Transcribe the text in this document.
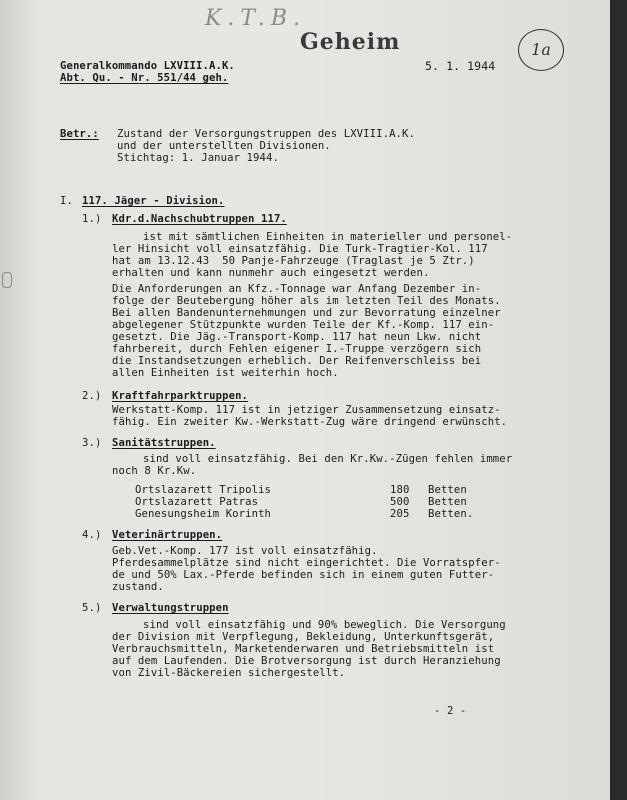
K.T.B.
Geheim	1a
Generalkommando LXVIII.A.K.	5. 1. 1944
Abt. Qu. - Nr. 551/44 geh.
Betr.: Zustand der Versorgungstruppen des LXVIII.A.K.
und der unterstellten Divisionen.
Stichtag: 1. Januar 1944.
I. 117. Jäger - Division.
1.) Kdr.d.Nachschubtruppen 117.
ist mit sämtlichen Einheiten in materieller und personel-
ler Hinsicht voll einsatzfähig. Die Turk-Tragtier-Kol. 117
hat am 13.12.43  50 Panje-Fahrzeuge (Traglast je 5 Ztr.)
erhalten und kann nunmehr auch eingesetzt werden.
Die Anforderungen an Kfz.-Tonnage war Anfang Dezember in-
folge der Beutebergung höher als im letzten Teil des Monats.
Bei allen Bandenunternehmungen und zur Bevorratung einzelner
abgelegener Stützpunkte wurden Teile der Kf.-Komp. 117 ein-
gesetzt. Die Jäg.-Transport-Komp. 117 hat neun Lkw. nicht
fahrbereit, durch Fehlen eigener I.-Truppe verzögern sich
die Instandsetzungen erheblich. Der Reifenverschleiss bei
allen Einheiten ist weiterhin hoch.
2.) Kraftfahrparktruppen.
Werkstatt-Komp. 117 ist in jetziger Zusammensetzung einsatz-
fähig. Ein zweiter Kw.-Werkstatt-Zug wäre dringend erwünscht.
3.) Sanitätstruppen.
sind voll einsatzfähig. Bei den Kr.Kw.-Zügen fehlen immer
noch 8 Kr.Kw.
Ortslazarett Tripolis	180 Betten
Ortslazarett Patras	500 Betten
Genesungsheim Korinth	205 Betten.
4.) Veterinärtruppen.
Geb.Vet.-Komp. 177 ist voll einsatzfähig.
Pferdesammelplätze sind nicht eingerichtet. Die Vorratspfer-
de und 50% Lax.-Pferde befinden sich in einem guten Futter-
zustand.
5.) Verwaltungstruppen
sind voll einsatzfähig und 90% beweglich. Die Versorgung
der Division mit Verpflegung, Bekleidung, Unterkunftsgerät,
Verbrauchsmitteln, Marketenderwaren und Betriebsmitteln ist
auf dem Laufenden. Die Brotversorgung ist durch Heranziehung
von Zivil-Bäckereien sichergestellt.
- 2 -
